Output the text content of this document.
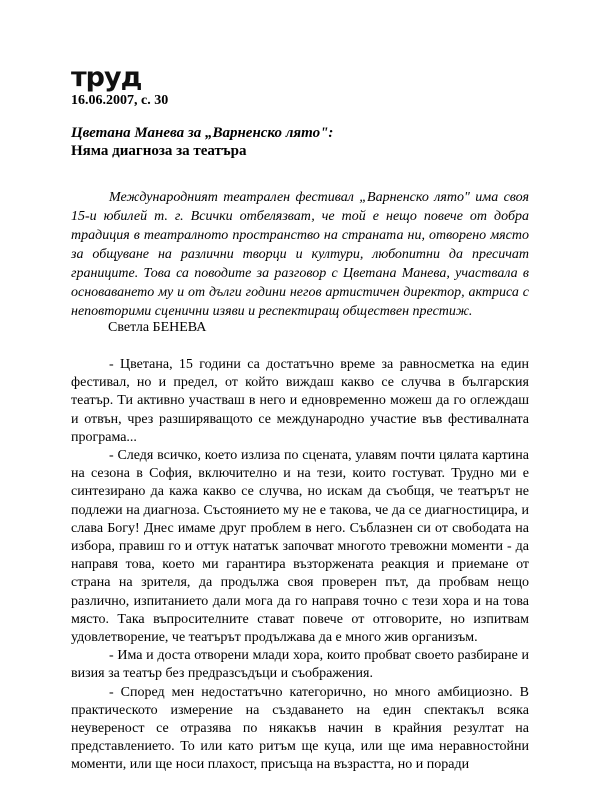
труд
16.06.2007, с. 30
Цветана Манева за „Варненско лято":
Няма диагноза за театъра

Международният театрален фестивал „Варненско лято" има своя 15-и юбилей т. г. Всички отбелязват, че той е нещо повече от добра традиция в театралното пространство на страната ни, отворено място за общуване на различни творци и култури, любопитни да пресичат границите. Това са поводите за разговор с Цветана Манева, участвала в основаването му и от дълги години негов артистичен директор, актриса с неповторими сценични изяви и респектиращ обществен престиж.

Светла БЕНЕВА

- Цветана, 15 години са достатъчно време за равносметка на един фестивал, но и предел, от който виждаш какво се случва в българския театър. Ти активно участваш в него и едновременно можеш да го оглеждаш и отвън, чрез разширяващото се международно участие във фестивалната програма...

- Следя всичко, което излиза по сцената, улавям почти цялата картина на сезона в София, включително и на тези, които гостуват. Трудно ми е синтезирано да кажа какво се случва, но искам да съобщя, че театърът не подлежи на диагноза. Състоянието му не е такова, че да се диагностицира, и слава Богу! Днес имаме друг проблем в него. Съблазнен си от свободата на избора, правиш го и оттук нататък започват многото тревожни моменти - да направя това, което ми гарантира възторжената реакция и приемане от страна на зрителя, да продължа своя проверен път, да пробвам нещо различно, изпитанието дали мога да го направя точно с тези хора и на това място. Така въпросителните стават повече от отговорите, но изпитвам удовлетворение, че театърът продължава да е много жив организъм.

- Има и доста отворени млади хора, които пробват своето разбиране и визия за театър без предразсъдъци и съображения.

- Според мен недостатъчно категорично, но много амбициозно. В практическото измерение на създаването на един спектакъл всяка неувереност се отразява по някакъв начин в крайния резултат на представлението. То или като ритъм ще куца, или ще има неравностойни моменти, или ще носи плахост, присъща на възрастта, но и поради
